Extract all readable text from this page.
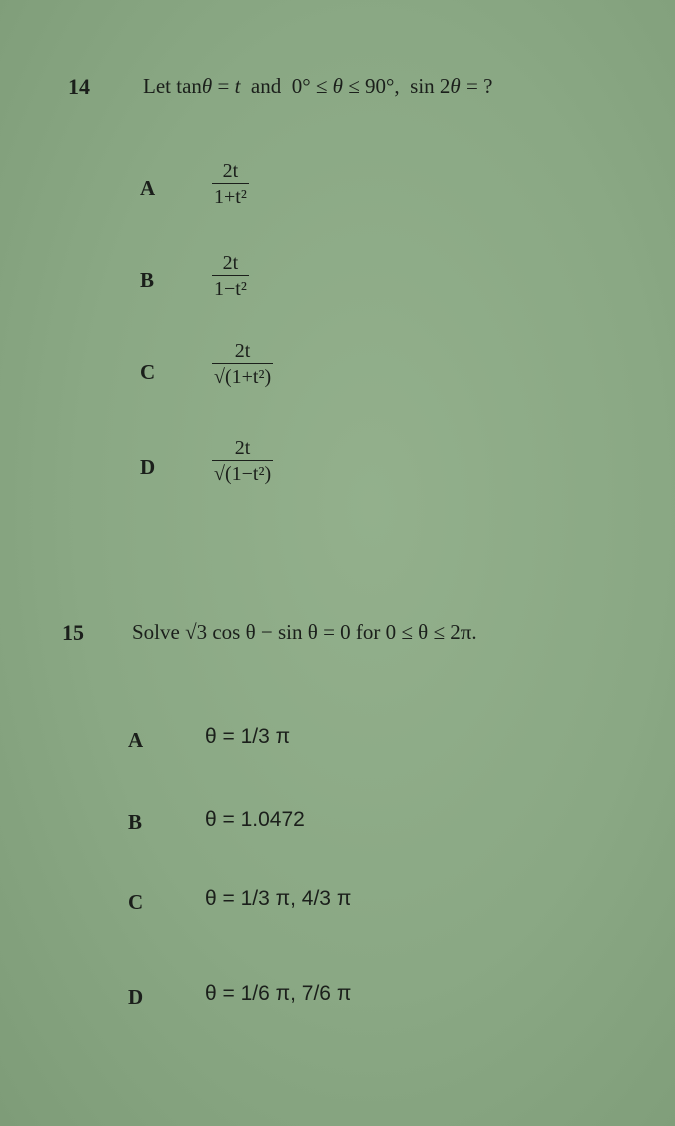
14	Let tanθ = t  and  0° ≤ θ ≤ 90°,  sin 2θ = ?
A	$\frac{2t}{\text{1+t²}}$
B	$\frac{2t}{\text{1−t²}}$
C	$\frac{2t}{\text{√(1+t²)}}$
D	$\frac{2t}{\text{√(1−t²)}}$
15 Solve √3 cos θ − sin θ = 0 for 0 ≤ θ ≤ 2π.
A	θ = 1/3 π
B	θ = 1.0472
C	θ = 1/3 π, 4/3 π
D	θ = 1/6 π, 7/6 π
